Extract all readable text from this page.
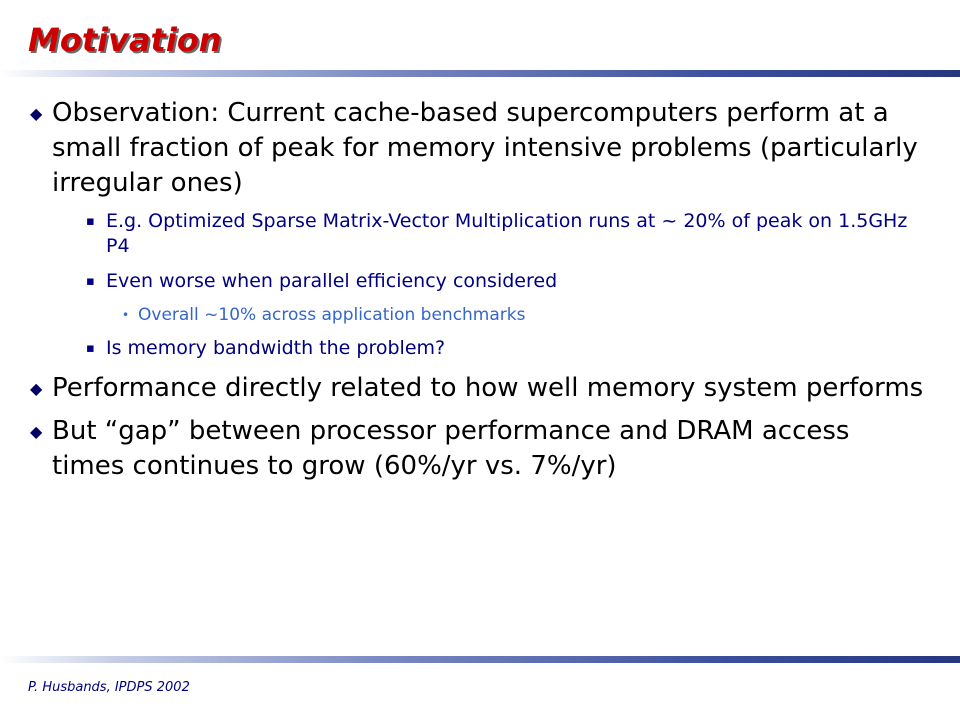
Motivation
◆ Observation: Current cache-based supercomputers perform at a small fraction of peak for memory intensive problems (particularly irregular ones)
▪ E.g. Optimized Sparse Matrix-Vector Multiplication runs at ~ 20% of peak on 1.5GHz P4
▪ Even worse when parallel efficiency considered
• Overall ~10% across application benchmarks
▪ Is memory bandwidth the problem?
◆ Performance directly related to how well memory system performs
◆ But “gap” between processor performance and DRAM access times continues to grow (60%/yr vs. 7%/yr)
P. Husbands, IPDPS 2002
